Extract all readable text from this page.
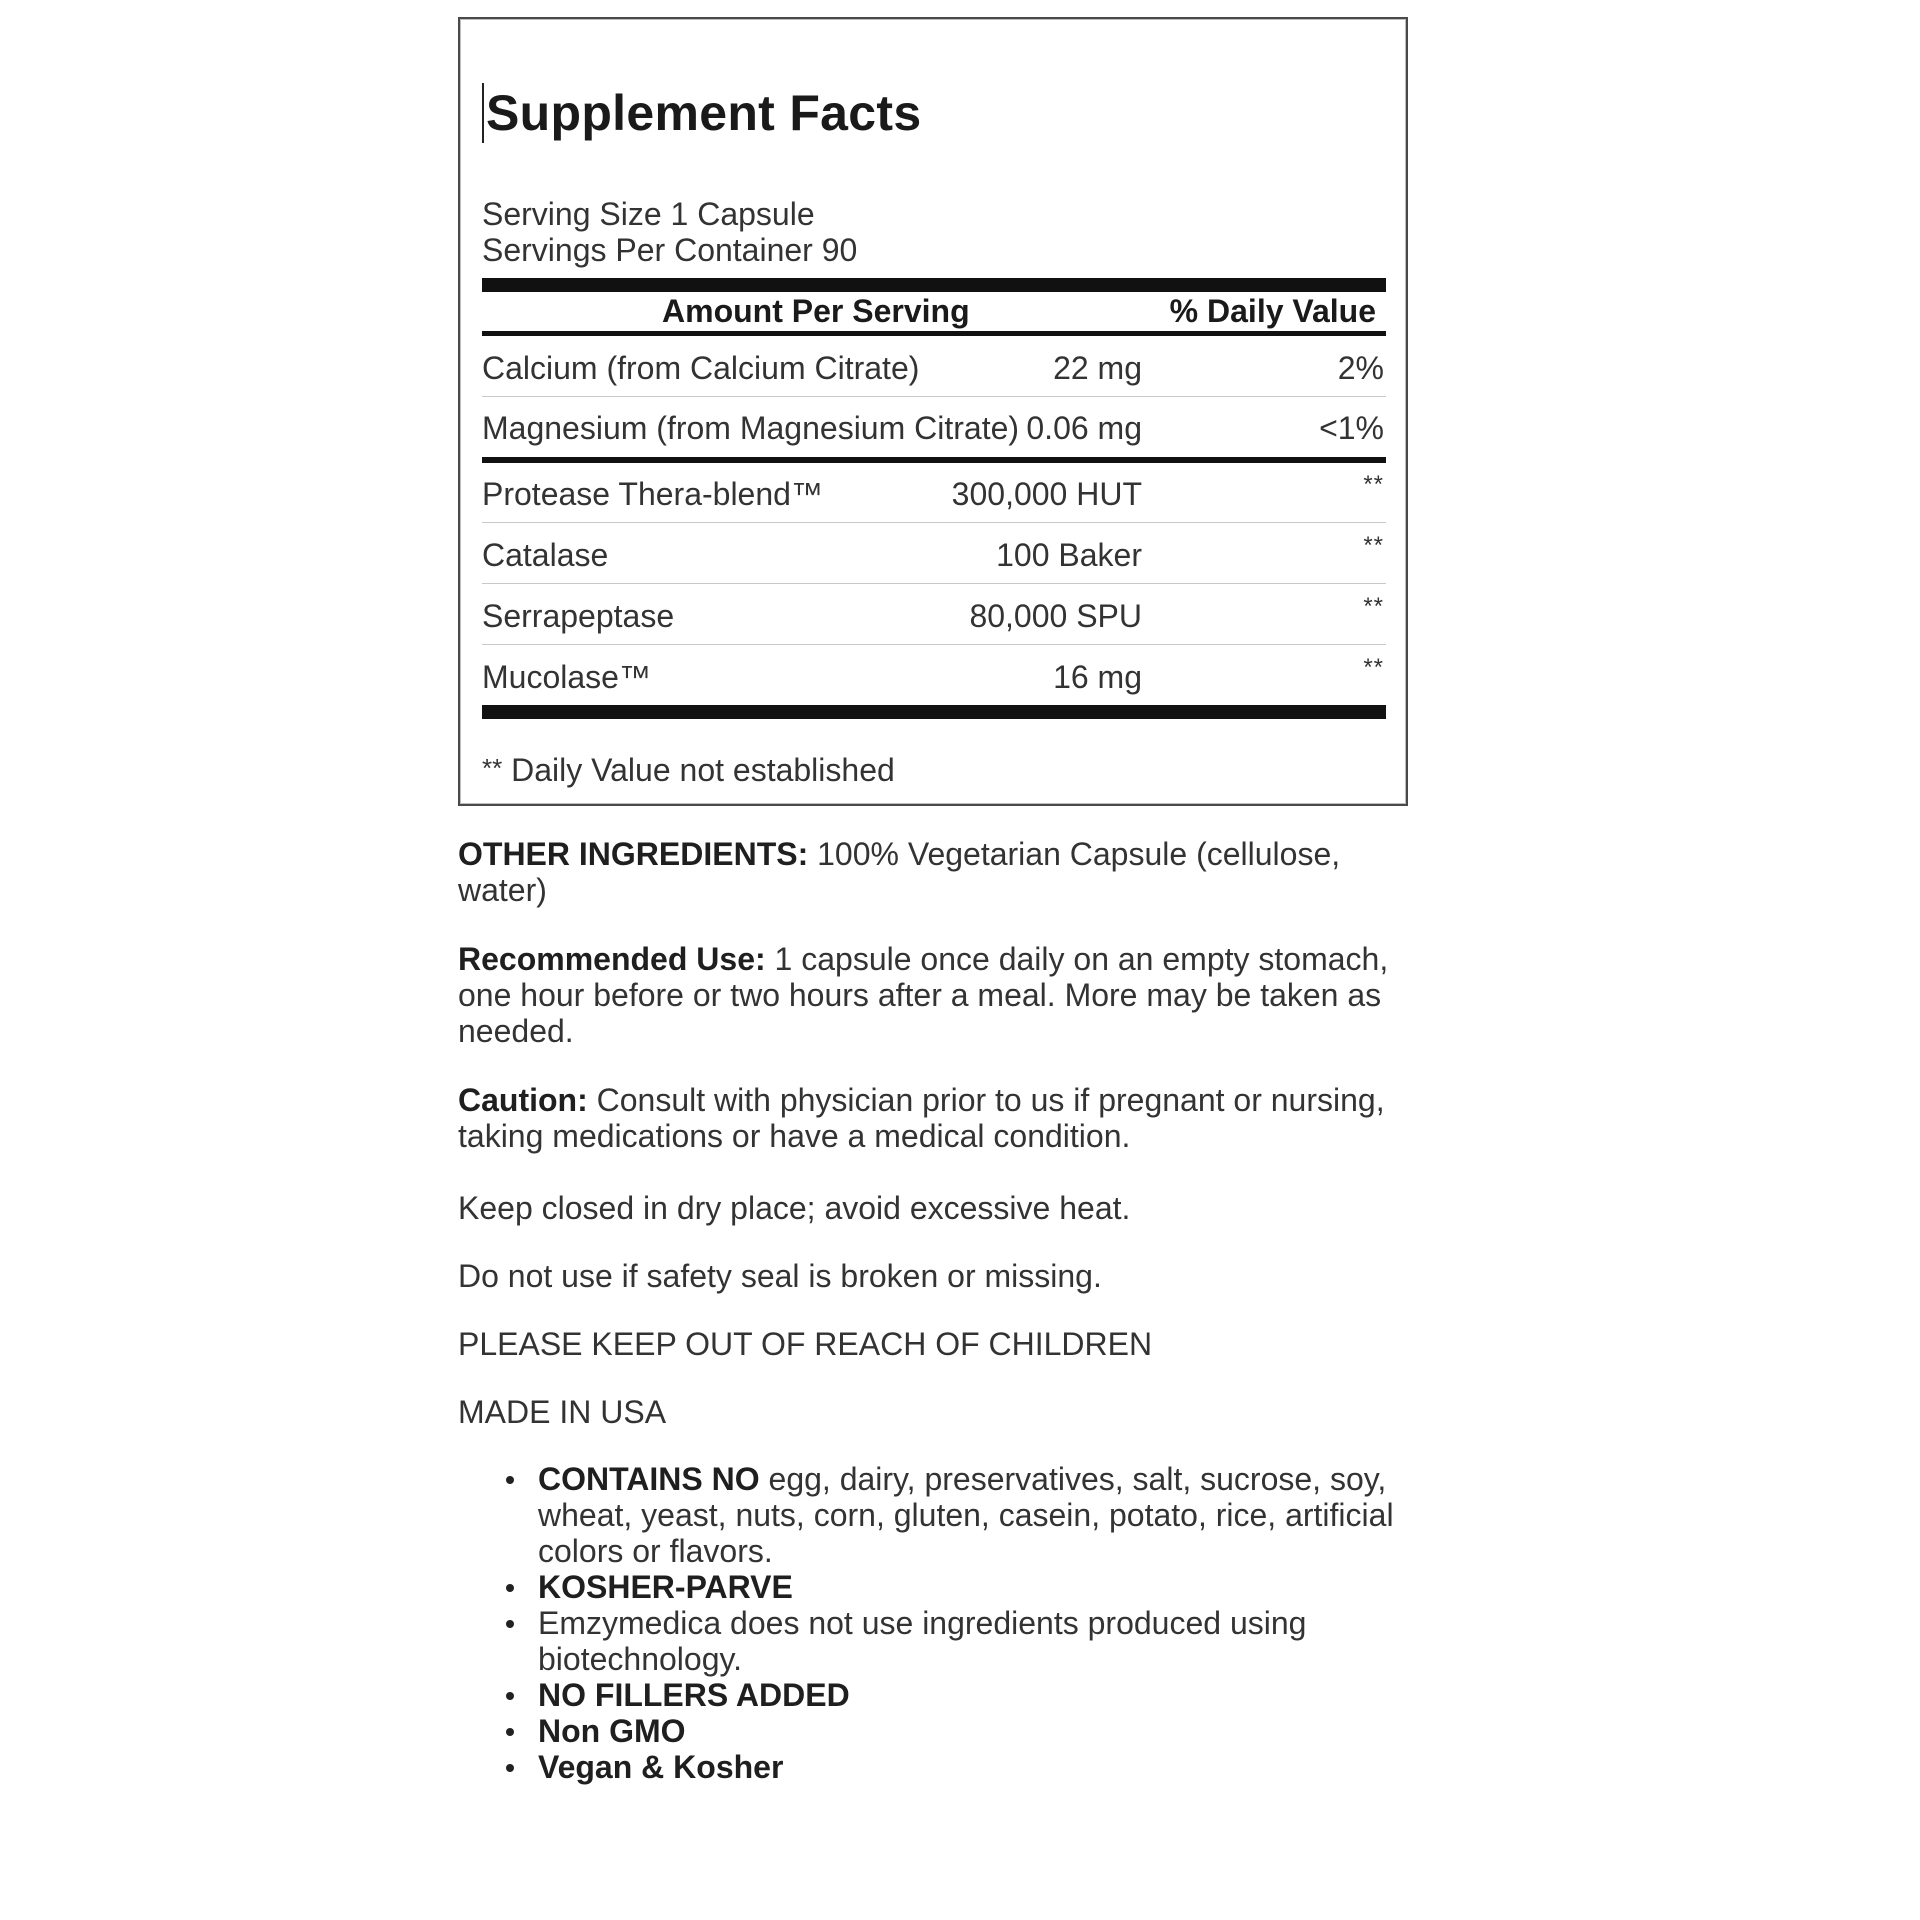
Supplement Facts
Serving Size 1 Capsule
Servings Per Container 90
Amount Per Serving	% Daily Value
Calcium (from Calcium Citrate)	22 mg	2%
Magnesium (from Magnesium Citrate) 0.06 mg	<1%
Protease Thera-blend™	300,000 HUT	**
Catalase	100 Baker	**
Serrapeptase	80,000 SPU	**
Mucolase™	16 mg	**
** Daily Value not established

OTHER INGREDIENTS: 100% Vegetarian Capsule (cellulose, water)

Recommended Use: 1 capsule once daily on an empty stomach, one hour before or two hours after a meal. More may be taken as needed.

Caution: Consult with physician prior to us if pregnant or nursing, taking medications or have a medical condition.

Keep closed in dry place; avoid excessive heat.

Do not use if safety seal is broken or missing.

PLEASE KEEP OUT OF REACH OF CHILDREN

MADE IN USA

CONTAINS NO egg, dairy, preservatives, salt, sucrose, soy, wheat, yeast, nuts, corn, gluten, casein, potato, rice, artificial colors or flavors.
KOSHER-PARVE
Emzymedica does not use ingredients produced using biotechnology.
NO FILLERS ADDED
Non GMO
Vegan & Kosher
